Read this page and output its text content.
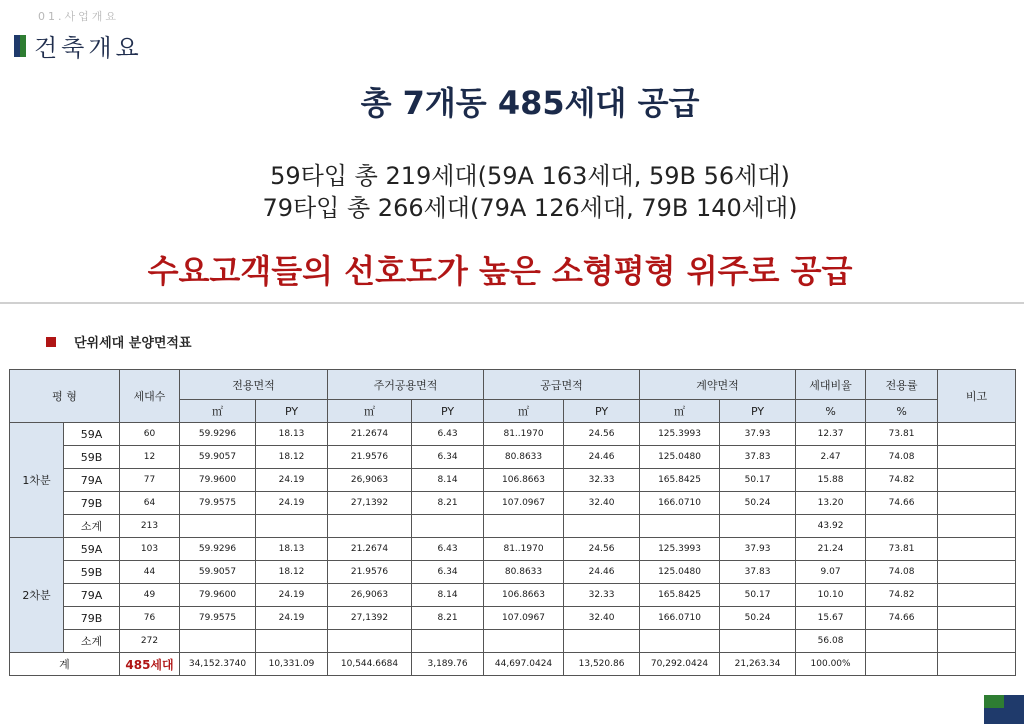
01.사업개요
건축개요
총 7개동 485세대 공급
59타입 총 219세대(59A 163세대, 59B 56세대)
79타입 총 266세대(79A 126세대, 79B 140세대)
수요고객들의 선호도가 높은 소형평형 위주로 공급
단위세대 분양면적표
평 형		세대수	전용면적		주거공용면적		공급면적		계약면적		세대비율	전용률	비고
			㎡	PY	㎡	PY	㎡	PY	㎡	PY	%	%	
1차분	59A	60	59.9296	18.13	21.2674	6.43	81..1970	24.56	125.3993	37.93	12.37	73.81	
	59B	12	59.9057	18.12	21.9576	6.34	80.8633	24.46	125.0480	37.83	2.47	74.08	
	79A	77	79.9600	24.19	26,9063	8.14	106.8663	32.33	165.8425	50.17	15.88	74.82	
	79B	64	79.9575	24.19	27,1392	8.21	107.0967	32.40	166.0710	50.24	13.20	74.66	
	소계	213									43.92		
2차분	59A	103	59.9296	18.13	21.2674	6.43	81..1970	24.56	125.3993	37.93	21.24	73.81	
	59B	44	59.9057	18.12	21.9576	6.34	80.8633	24.46	125.0480	37.83	9.07	74.08	
	79A	49	79.9600	24.19	26,9063	8.14	106.8663	32.33	165.8425	50.17	10.10	74.82	
	79B	76	79.9575	24.19	27,1392	8.21	107.0967	32.40	166.0710	50.24	15.67	74.66	
	소계	272									56.08		
계		485세대	34,152.3740	10,331.09	10,544.6684	3,189.76	44,697.0424	13,520.86	70,292.0424	21,263.34	100.00%		
